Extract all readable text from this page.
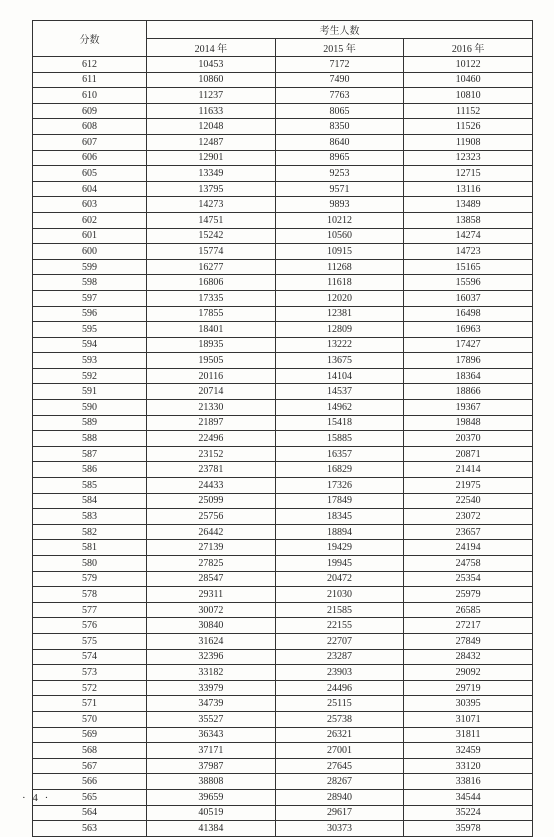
分数	考生人数		
	2014 年	2015 年	2016 年
612	10453	7172	10122
611	10860	7490	10460
610	11237	7763	10810
609	11633	8065	11152
608	12048	8350	11526
607	12487	8640	11908
606	12901	8965	12323
605	13349	9253	12715
604	13795	9571	13116
603	14273	9893	13489
602	14751	10212	13858
601	15242	10560	14274
600	15774	10915	14723
599	16277	11268	15165
598	16806	11618	15596
597	17335	12020	16037
596	17855	12381	16498
595	18401	12809	16963
594	18935	13222	17427
593	19505	13675	17896
592	20116	14104	18364
591	20714	14537	18866
590	21330	14962	19367
589	21897	15418	19848
588	22496	15885	20370
587	23152	16357	20871
586	23781	16829	21414
585	24433	17326	21975
584	25099	17849	22540
583	25756	18345	23072
582	26442	18894	23657
581	27139	19429	24194
580	27825	19945	24758
579	28547	20472	25354
578	29311	21030	25979
577	30072	21585	26585
576	30840	22155	27217
575	31624	22707	27849
574	32396	23287	28432
573	33182	23903	29092
572	33979	24496	29719
571	34739	25115	30395
570	35527	25738	31071
569	36343	26321	31811
568	37171	27001	32459
567	37987	27645	33120
566	38808	28267	33816
565	39659	28940	34544
564	40519	29617	35224
563	41384	30373	35978
· 4 ·
